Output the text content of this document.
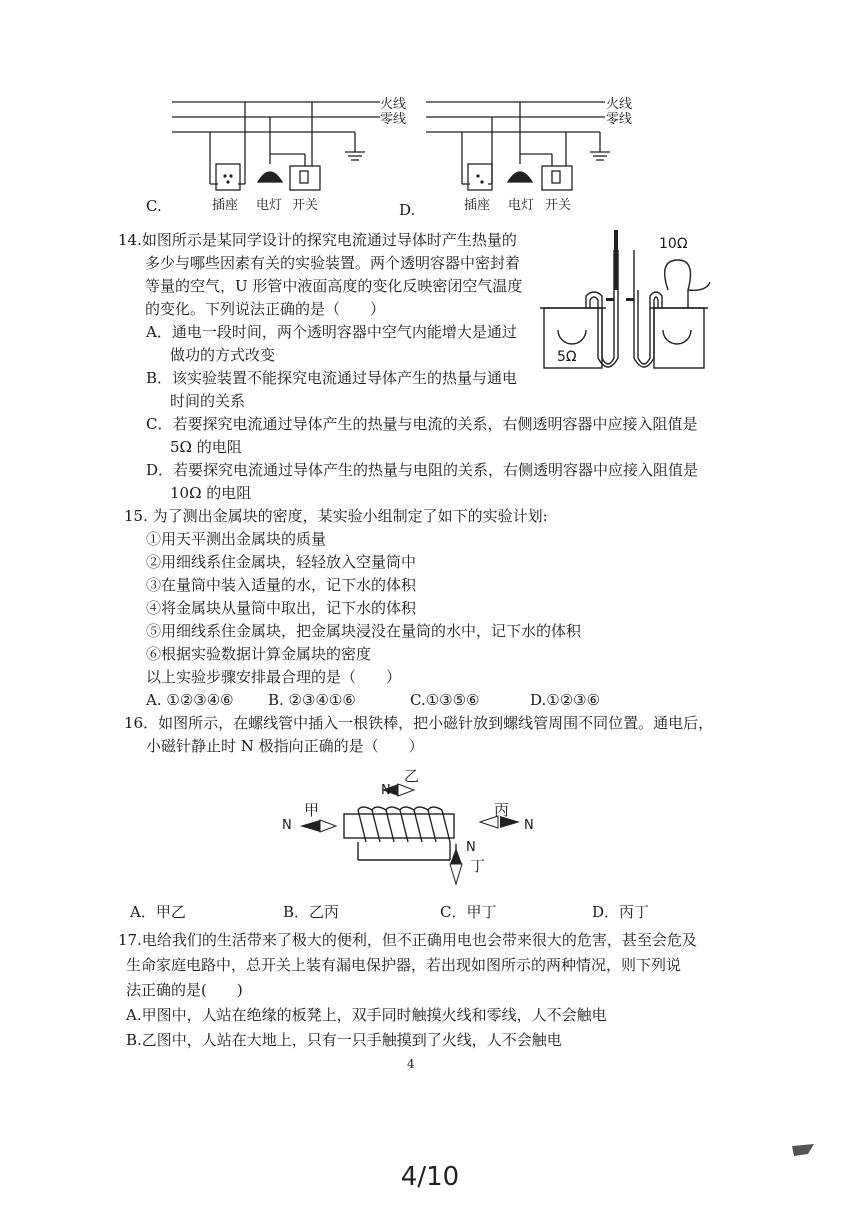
火线
零线
火线
零线
C.	插座 电灯 开关	D.	插座 电灯 开关
14.如图所示是某同学设计的探究电流通过导体时产生热量的
多少与哪些因素有关的实验装置。两个透明容器中密封着
等量的空气，U 形管中液面高度的变化反映密闭空气温度
的变化。下列说法正确的是（　　）
10Ω
5Ω
A．通电一段时间，两个透明容器中空气内能增大是通过
做功的方式改变
B．该实验装置不能探究电流通过导体产生的热量与通电
时间的关系
C．若要探究电流通过导体产生的热量与电流的关系，右侧透明容器中应接入阻值是
5Ω 的电阻
D．若要探究电流通过导体产生的热量与电阻的关系，右侧透明容器中应接入阻值是
10Ω 的电阻
15. 为了测出金属块的密度，某实验小组制定了如下的实验计划:
①用天平测出金属块的质量
②用细线系住金属块，轻轻放入空量筒中
③在量筒中装入适量的水，记下水的体积
④将金属块从量筒中取出，记下水的体积
⑤用细线系住金属块，把金属块浸没在量筒的水中，记下水的体积
⑥根据实验数据计算金属块的密度
以上实验步骤安排最合理的是（　　）
A. ①②③④⑥ B. ②③④①⑥	C.①③⑤⑥	D.①②③⑥
16．如图所示，在螺线管中插入一根铁棒，把小磁针放到螺线管周围不同位置。通电后，
小磁针静止时 N 极指向正确的是（　　）
N
甲
N
乙
丙
N
N
丁
A．甲乙	B．乙丙	C．甲丁	D．丙丁
17.电给我们的生活带来了极大的便利，但不正确用电也会带来很大的危害，甚至会危及
生命家庭电路中，总开关上装有漏电保护器，若出现如图所示的两种情况，则下列说
法正确的是(　　)
A.甲图中，人站在绝缘的板凳上，双手同时触摸火线和零线，人不会触电
B.乙图中，人站在大地上，只有一只手触摸到了火线，人不会触电
4
4/10
